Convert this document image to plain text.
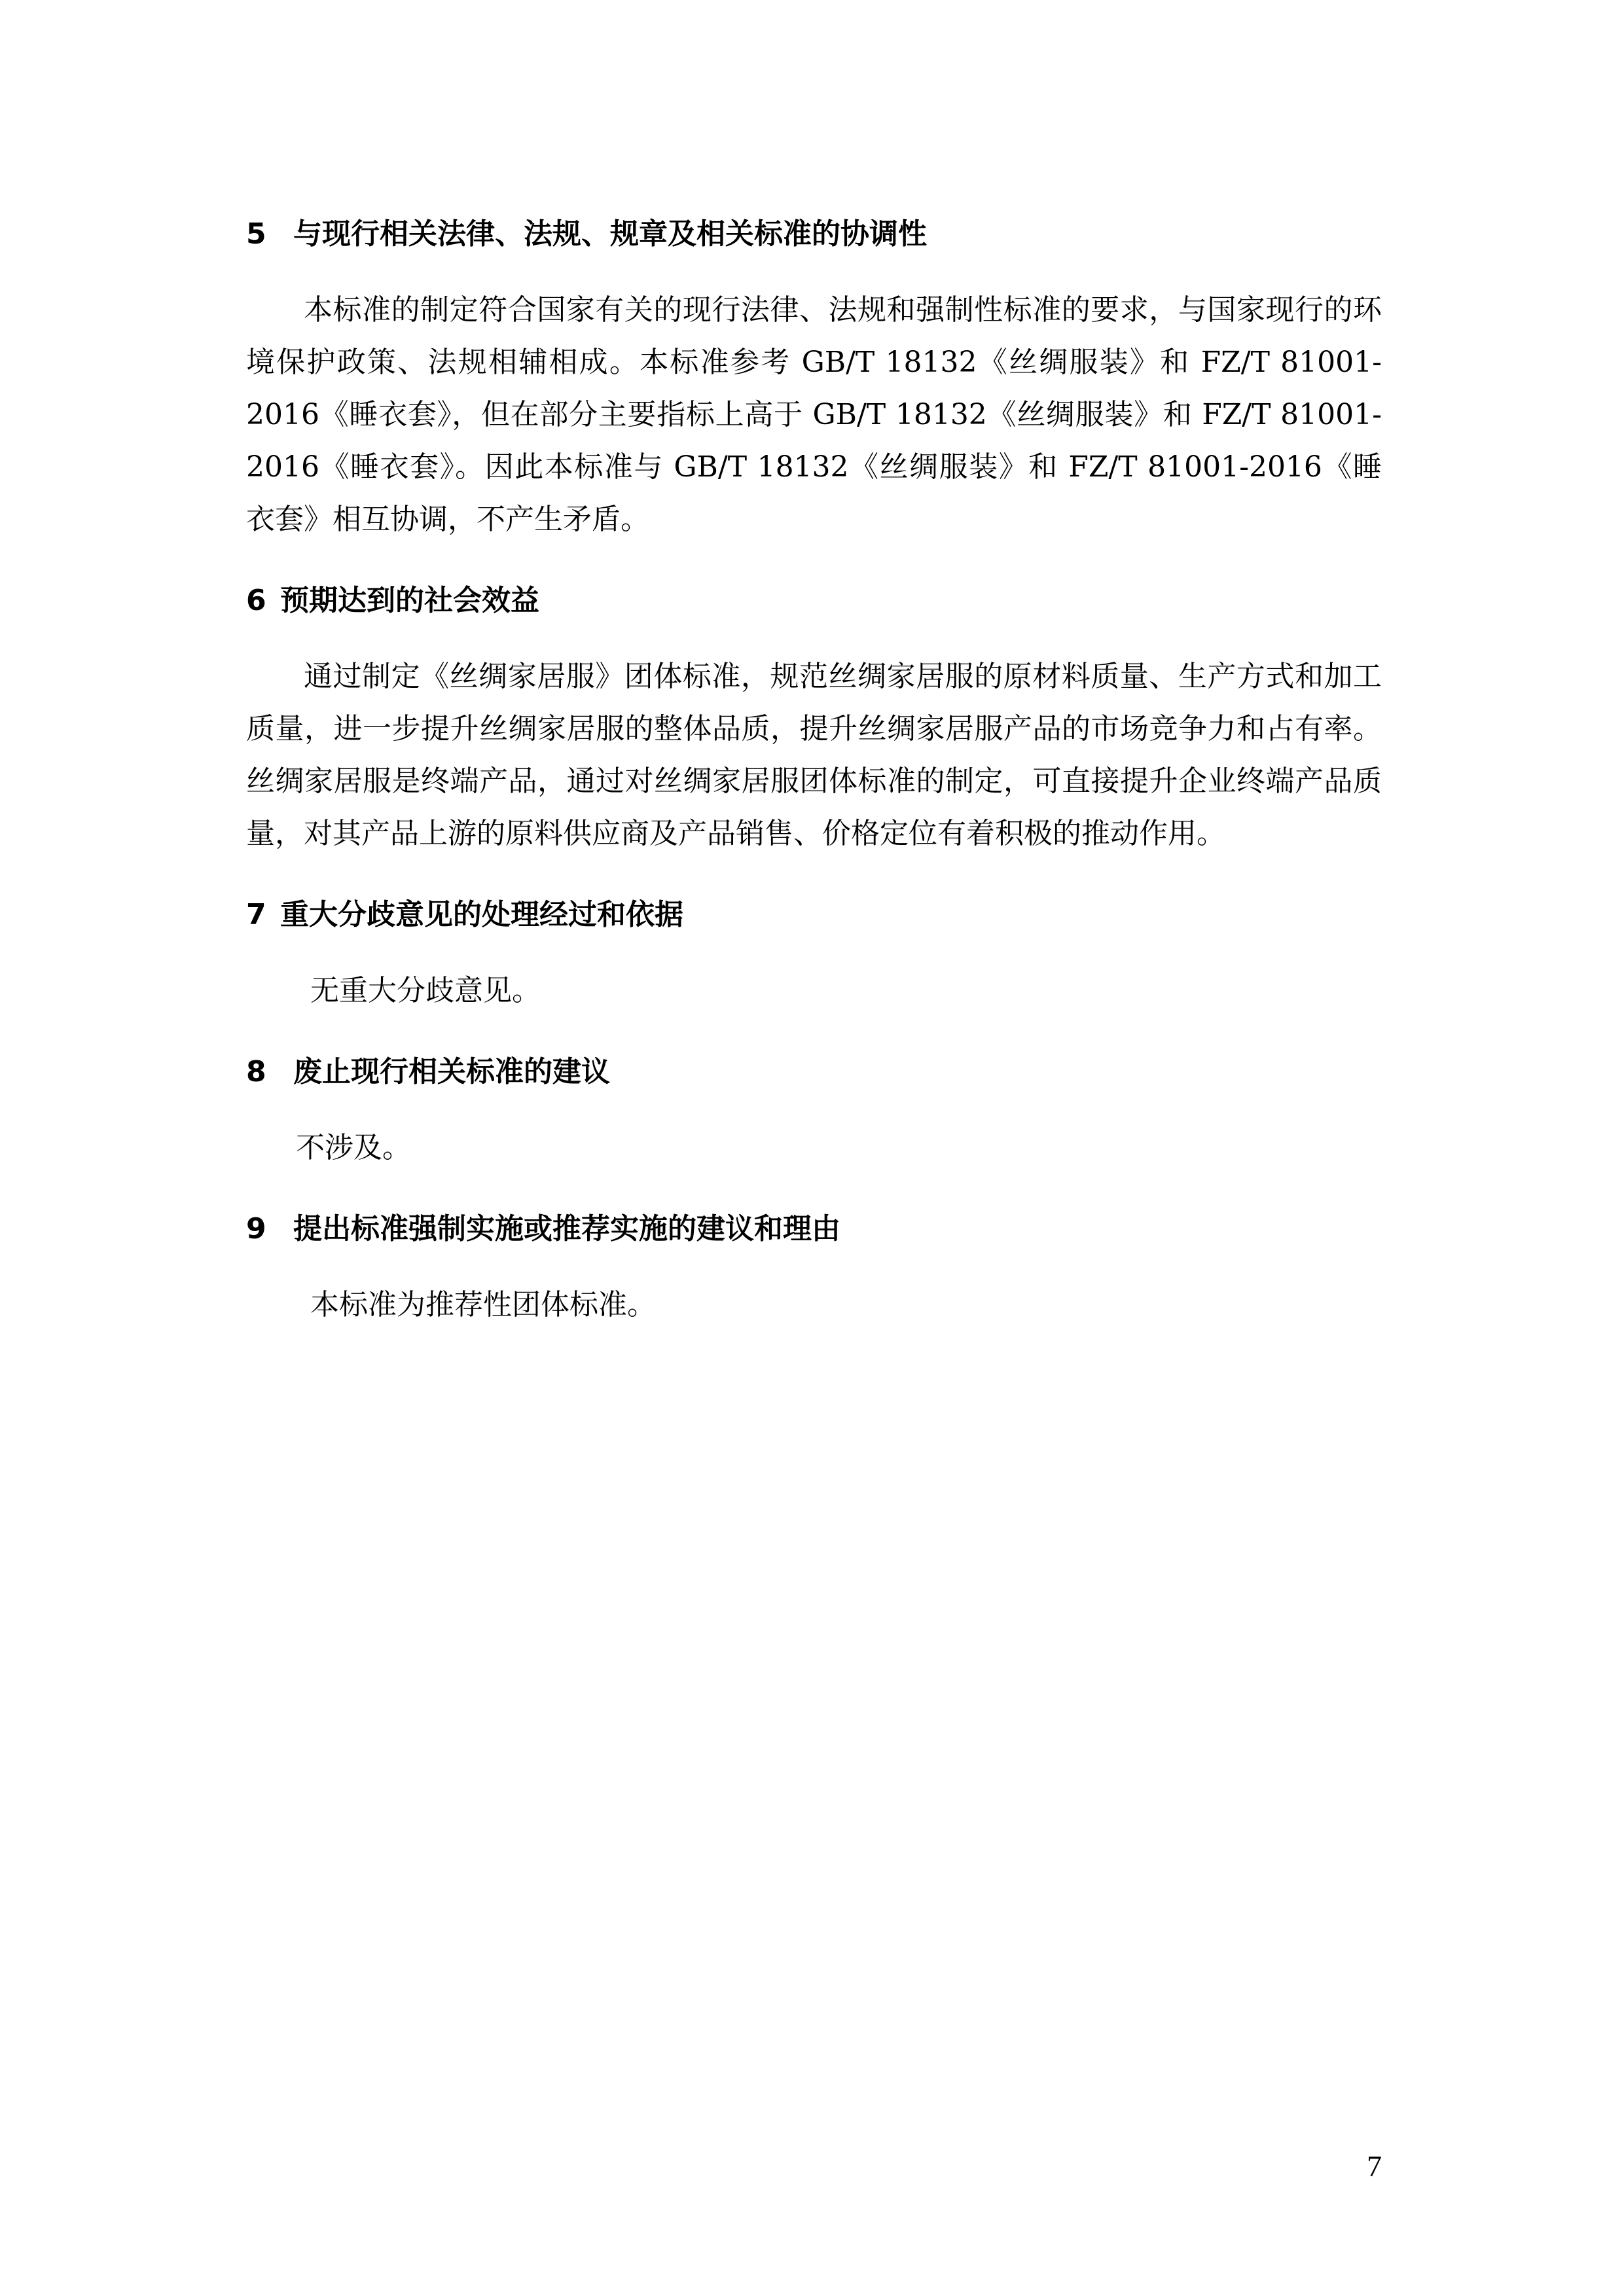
5 与现行相关法律、法规、规章及相关标准的协调性

本标准的制定符合国家有关的现行法律、法规和强制性标准的要求，与国家现行的环境保护政策、法规相辅相成。本标准参考 GB/T 18132《丝绸服装》和 FZ/T 81001-2016《睡衣套》，但在部分主要指标上高于 GB/T 18132《丝绸服装》和 FZ/T 81001-2016《睡衣套》。因此本标准与 GB/T 18132《丝绸服装》和 FZ/T 81001-2016《睡衣套》相互协调，不产生矛盾。

6 预期达到的社会效益

通过制定《丝绸家居服》团体标准，规范丝绸家居服的原材料质量、生产方式和加工质量，进一步提升丝绸家居服的整体品质，提升丝绸家居服产品的市场竞争力和占有率。丝绸家居服是终端产品，通过对丝绸家居服团体标准的制定，可直接提升企业终端产品质量，对其产品上游的原料供应商及产品销售、价格定位有着积极的推动作用。

7 重大分歧意见的处理经过和依据

无重大分歧意见。

8 废止现行相关标准的建议

不涉及。

9 提出标准强制实施或推荐实施的建议和理由

本标准为推荐性团体标准。

7
